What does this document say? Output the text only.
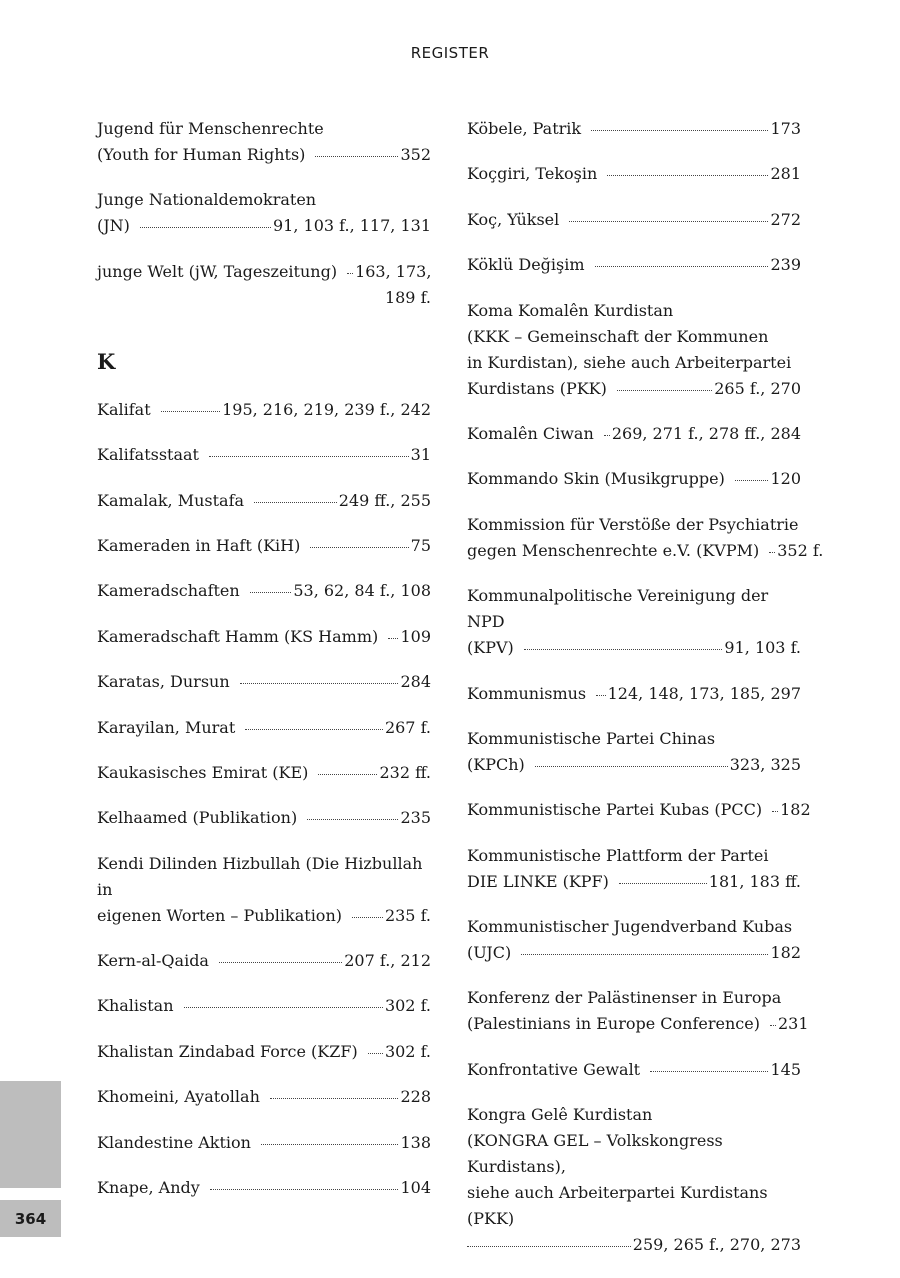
REGISTER
Jugend für Menschenrechte
(Youth for Human Rights)	352
Junge Nationaldemokraten
(JN)	91, 103 f., 117, 131
junge Welt (jW, Tageszeitung) 163, 173,
189 f.
K
Kalifat	195, 216, 219, 239 f., 242
Kalifatsstaat	31
Kamalak, Mustafa	249 ff., 255
Kameraden in Haft (KiH)	75
Kameradschaften	53, 62, 84 f., 108
Kameradschaft Hamm (KS Hamm) 109
Karatas, Dursun	284
Karayilan, Murat	267 f.
Kaukasisches Emirat (KE)	232 ff.
Kelhaamed (Publikation)	235
Kendi Dilinden Hizbullah (Die Hizbullah in
eigenen Worten – Publikation)	235 f.
Kern-al-Qaida	207 f., 212
Khalistan	302 f.
Khalistan Zindabad Force (KZF) 302 f.
Khomeini, Ayatollah	228
Klandestine Aktion	138
Knape, Andy	104
Köbele, Patrik	173
Koçgiri, Tekoşin	281
Koç, Yüksel	272
Köklü Değişim	239
Koma Komalên Kurdistan
(KKK – Gemeinschaft der Kommunen
in Kurdistan), siehe auch Arbeiterpartei
Kurdistans (PKK)	265 f., 270
Komalên Ciwan 269, 271 f., 278 ff., 284
Kommando Skin (Musikgruppe)	120
Kommission für Verstöße der Psychiatrie
gegen Menschenrechte e.V. (KVPM) 352 f.
Kommunalpolitische Vereinigung der NPD
(KPV)	91, 103 f.
Kommunismus 124, 148, 173, 185, 297
Kommunistische Partei Chinas
(KPCh)	323, 325
Kommunistische Partei Kubas (PCC) 182
Kommunistische Plattform der Partei
DIE LINKE (KPF)	181, 183 ff.
Kommunistischer Jugendverband Kubas
(UJC)	182
Konferenz der Palästinenser in Europa
(Palestinians in Europe Conference) 231
Konfrontative Gewalt	145
Kongra Gelê Kurdistan
(KONGRA GEL – Volkskongress Kurdistans),
siehe auch Arbeiterpartei Kurdistans (PKK)
259, 265 f., 270, 273
364
